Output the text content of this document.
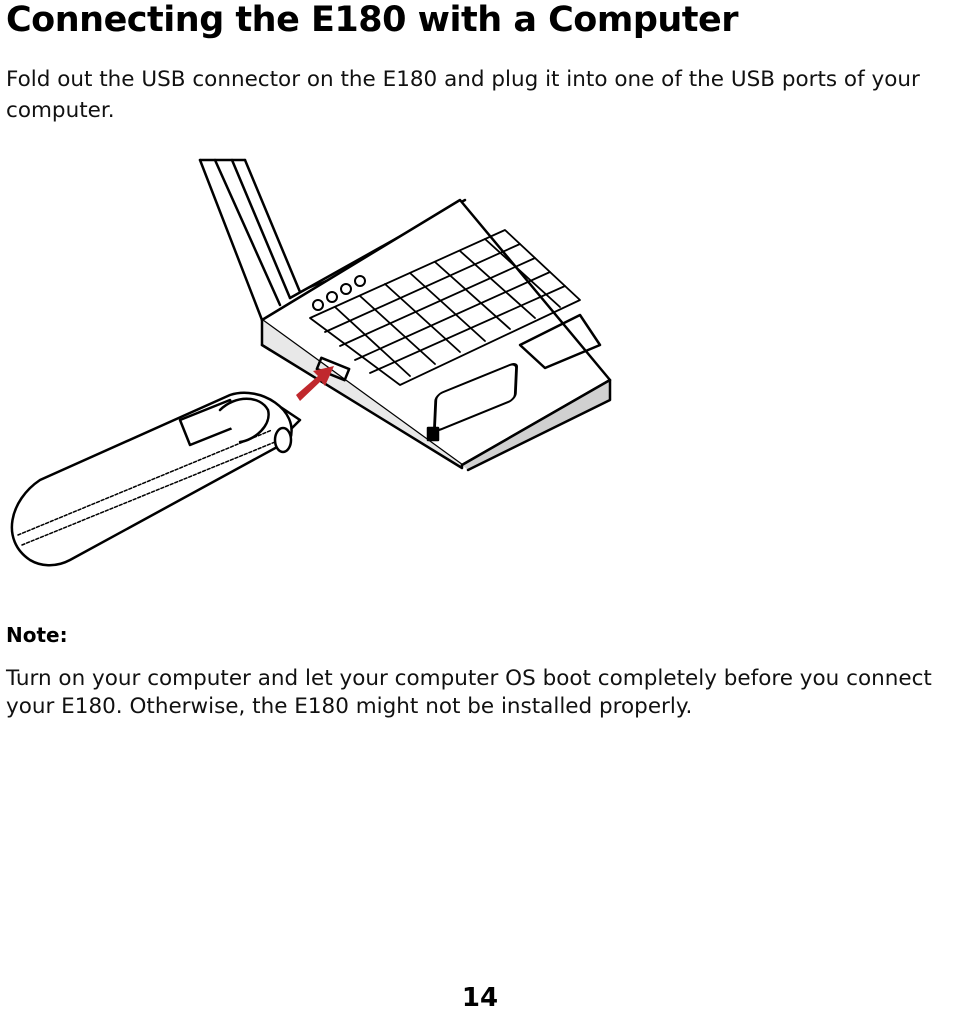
Connecting the E180 with a Computer

Fold out the USB connector on the E180 and plug it into one of the USB ports of your computer.

Note:

Turn on your computer and let your computer OS boot completely before you connect your E180. Otherwise, the E180 might not be installed properly.

14
